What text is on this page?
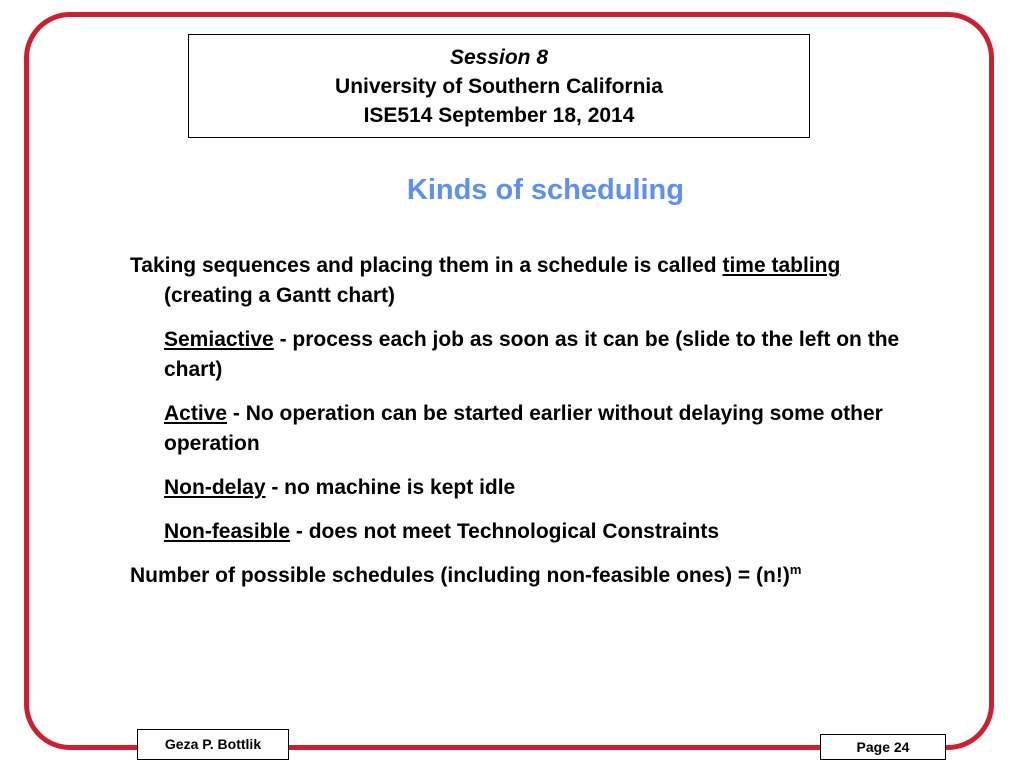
Session 8
University of Southern California
ISE514 September 18, 2014
Kinds of scheduling

Taking sequences and placing them in a schedule is called time tabling (creating a Gantt chart)

Semiactive - process each job as soon as it can be (slide to the left on the chart)

Active - No operation can be started earlier without delaying some other operation

Non-delay - no machine is kept idle

Non-feasible - does not meet Technological Constraints

Number of possible schedules (including non-feasible ones) = $(n!)^m$

Geza P. Bottlik	Page 24
